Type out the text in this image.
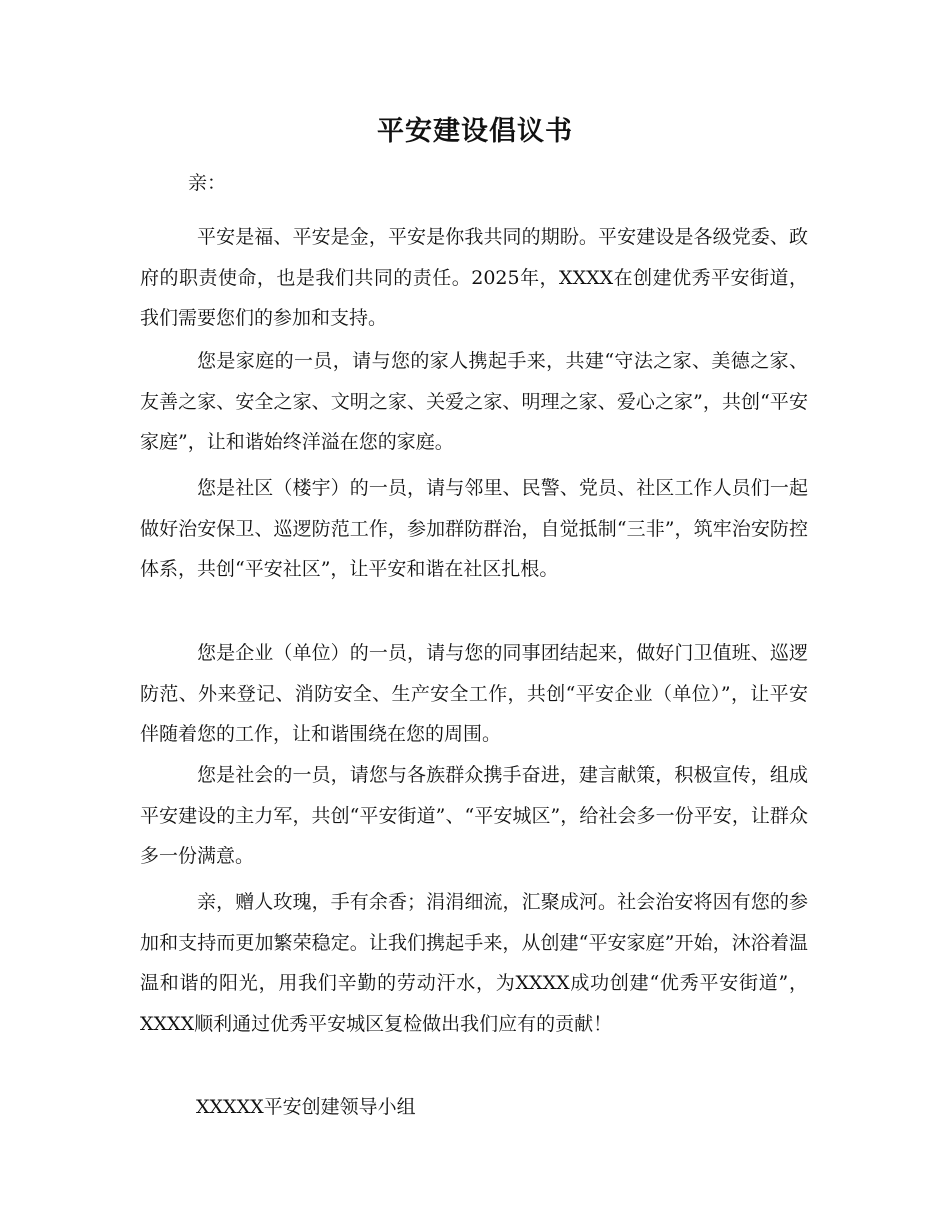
平安建设倡议书
亲：

平安是福、平安是金，平安是你我共同的期盼。平安建设是各级党委、政府的职责使命，也是我们共同的责任。2025年，XXXX在创建优秀平安街道，我们需要您们的参加和支持。

您是家庭的一员，请与您的家人携起手来，共建“守法之家、美德之家、友善之家、安全之家、文明之家、关爱之家、明理之家、爱心之家”，共创“平安家庭”，让和谐始终洋溢在您的家庭。

您是社区（楼宇）的一员，请与邻里、民警、党员、社区工作人员们一起做好治安保卫、巡逻防范工作，参加群防群治，自觉抵制“三非”，筑牢治安防控体系，共创“平安社区”，让平安和谐在社区扎根。

您是企业（单位）的一员，请与您的同事团结起来，做好门卫值班、巡逻防范、外来登记、消防安全、生产安全工作，共创“平安企业（单位）”，让平安伴随着您的工作，让和谐围绕在您的周围。

您是社会的一员，请您与各族群众携手奋进，建言献策，积极宣传，组成平安建设的主力军，共创“平安街道”、“平安城区”，给社会多一份平安，让群众多一份满意。

亲，赠人玫瑰，手有余香；涓涓细流，汇聚成河。社会治安将因有您的参加和支持而更加繁荣稳定。让我们携起手来，从创建“平安家庭”开始，沐浴着温温和谐的阳光，用我们辛勤的劳动汗水，为XXXX成功创建“优秀平安街道”，XXXX顺利通过优秀平安城区复检做出我们应有的贡献！

XXXXX平安创建领导小组
